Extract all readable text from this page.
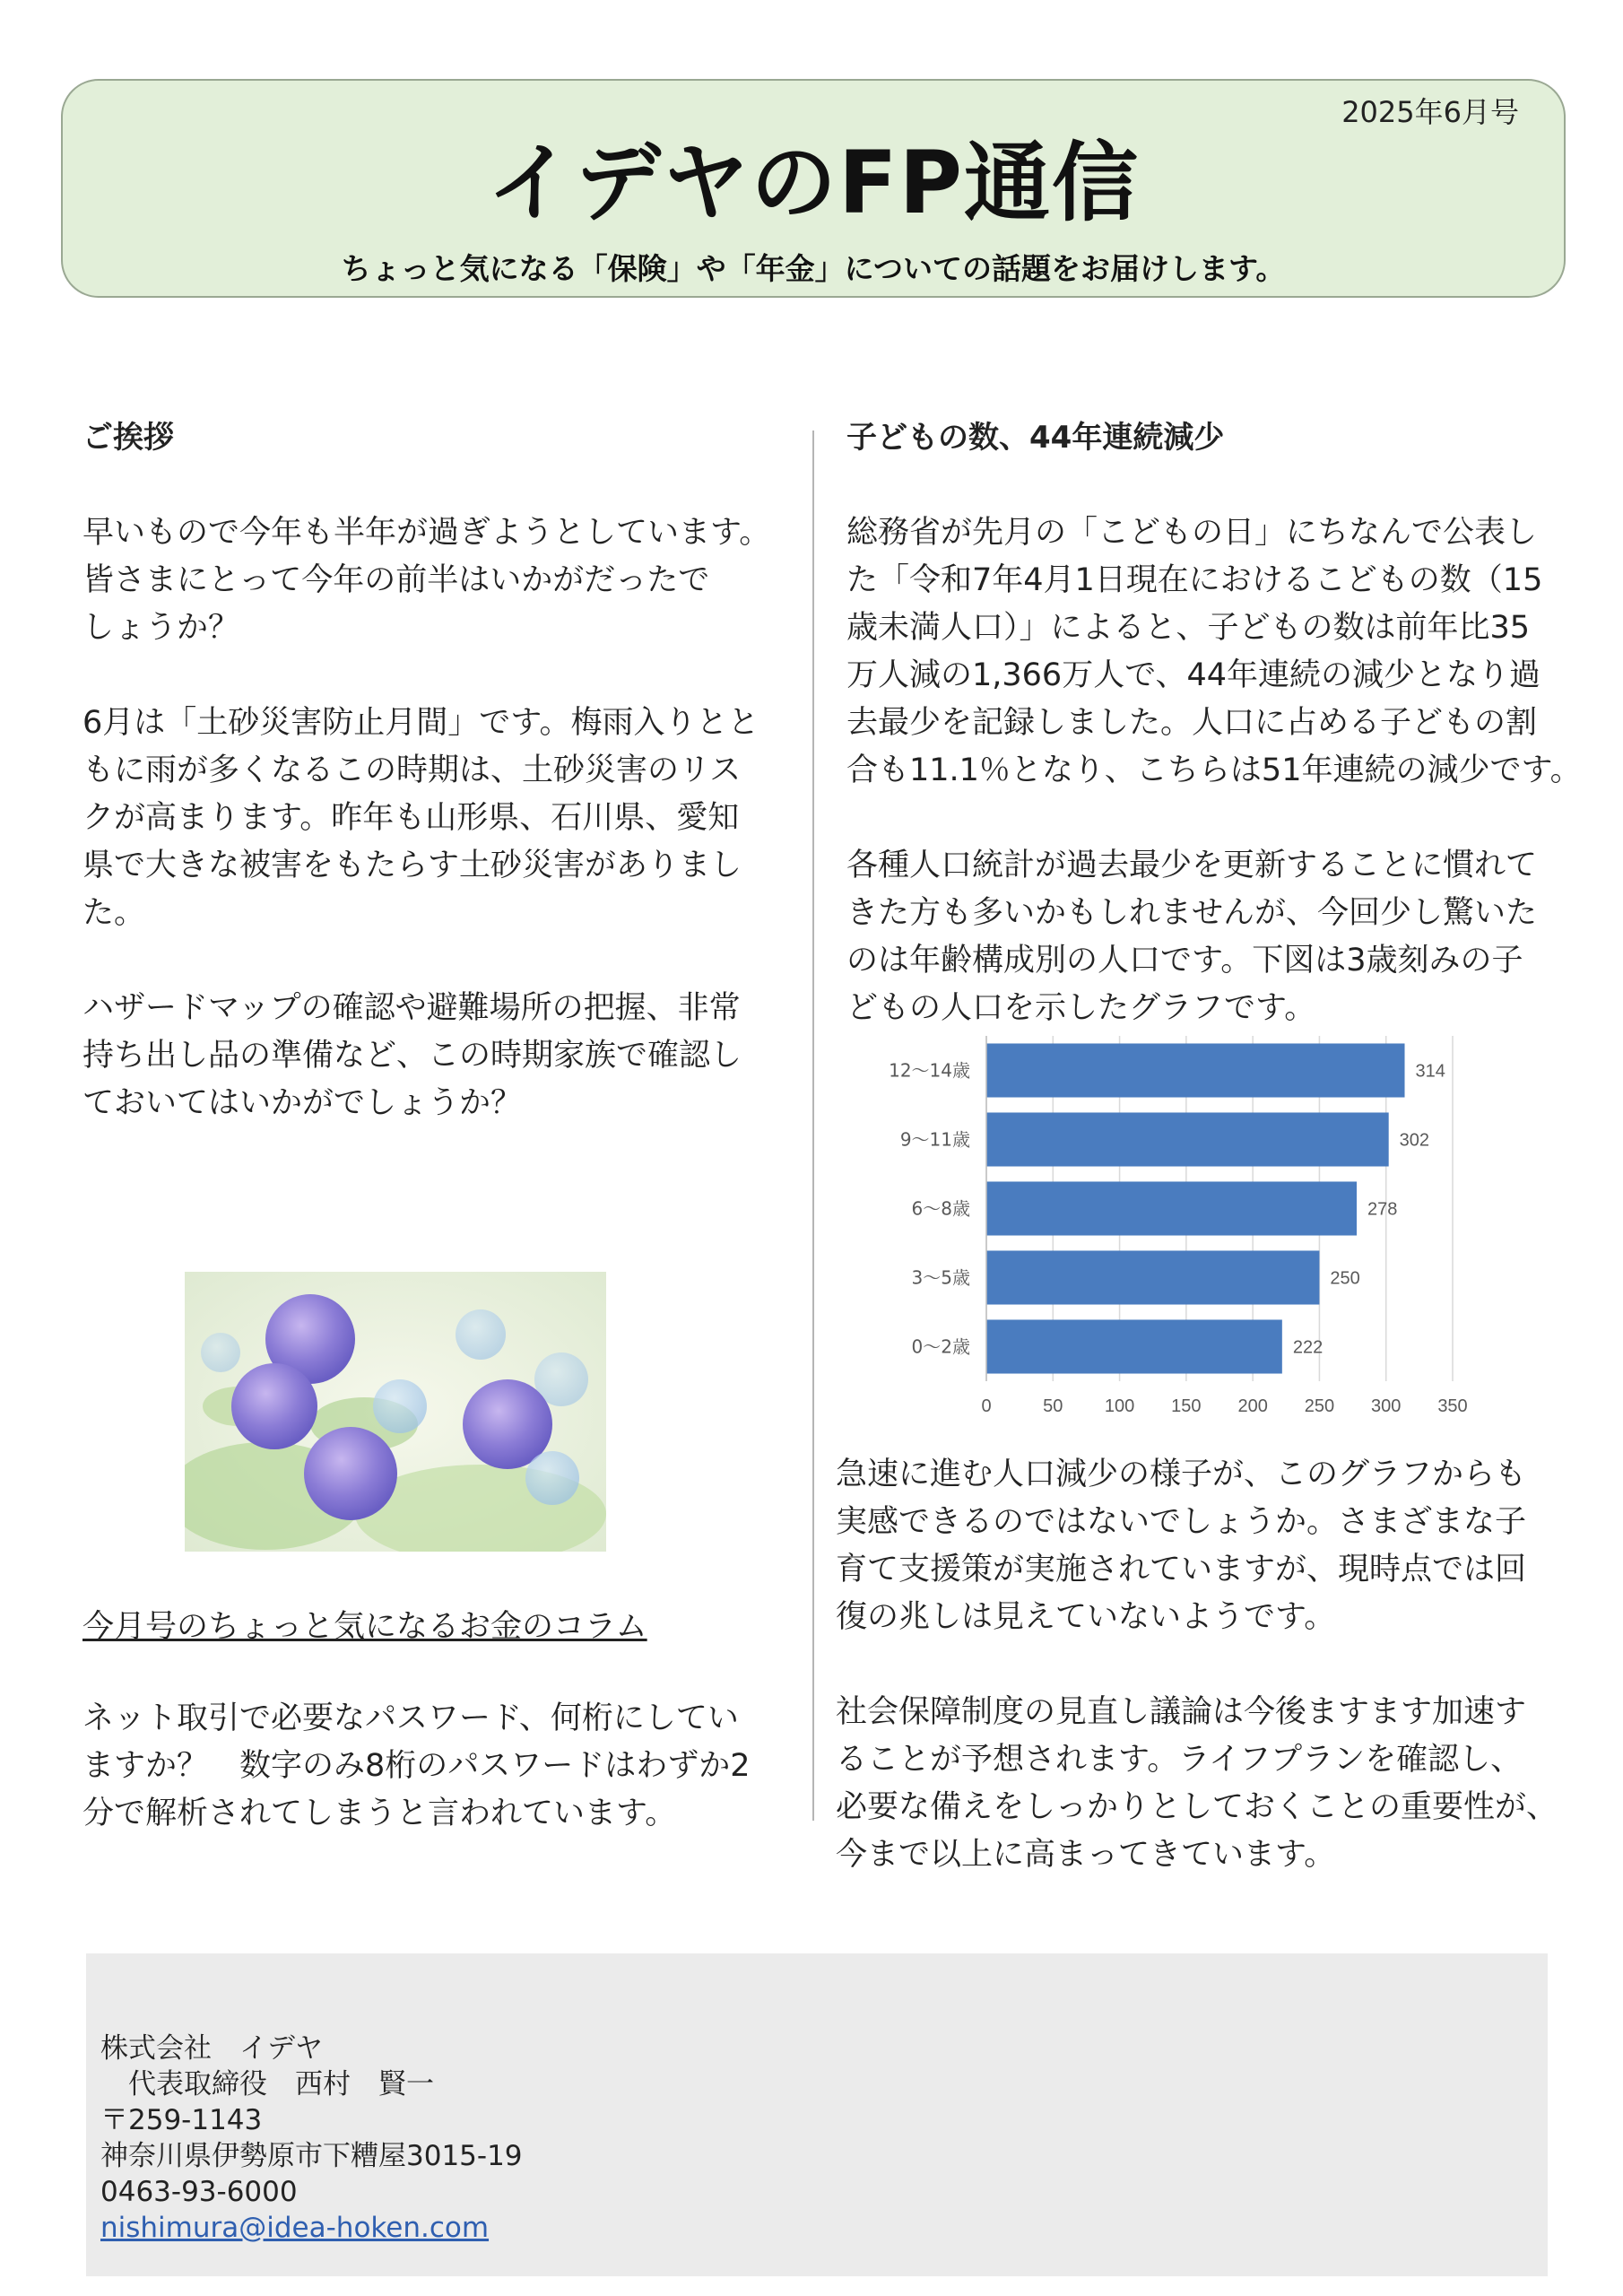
2025年6月号
イデヤのFP通信
ちょっと気になる「保険」や「年金」についての話題をお届けします。

ご挨拶

早いもので今年も半年が過ぎようとしています。
皆さまにとって今年の前半はいかがだったで
しょうか？

6月は「土砂災害防止月間」です。梅雨入りとと
もに雨が多くなるこの時期は、土砂災害のリス
クが高まります。昨年も山形県、石川県、愛知
県で大きな被害をもたらす土砂災害がありまし
た。

ハザードマップの確認や避難場所の把握、非常
持ち出し品の準備など、この時期家族で確認し
ておいてはいかがでしょうか？

今月号のちょっと気になるお金のコラム
ネット取引で必要なパスワード、何桁にしてい
ますか？　数字のみ8桁のパスワードはわずか2
分で解析されてしまうと言われています。

子どもの数、44年連続減少

総務省が先月の「こどもの日」にちなんで公表し
た「令和7年4月1日現在におけるこどもの数（15
歳未満人口）」によると、子どもの数は前年比35
万人減の1,366万人で、44年連続の減少となり過
去最少を記録しました。人口に占める子どもの割
合も11.1％となり、こちらは51年連続の減少です。

各種人口統計が過去最少を更新することに慣れて
きた方も多いかもしれませんが、今回少し驚いた
のは年齢構成別の人口です。下図は3歳刻みの子
どもの人口を示したグラフです。

0	50 100 150 200 250 300 350
12～14歳	314
9～11歳	302
6～8歳	278
3～5歳	250
0～2歳	222

急速に進む人口減少の様子が、このグラフからも
実感できるのではないでしょうか。さまざまな子
育て支援策が実施されていますが、現時点では回
復の兆しは見えていないようです。

社会保障制度の見直し議論は今後ますます加速す
ることが予想されます。ライフプランを確認し、
必要な備えをしっかりとしておくことの重要性が、
今まで以上に高まってきています。

株式会社　イデヤ
　代表取締役　西村　賢一
〒259-1143
神奈川県伊勢原市下糟屋3015-19
0463-93-6000
nishimura@idea-hoken.com
